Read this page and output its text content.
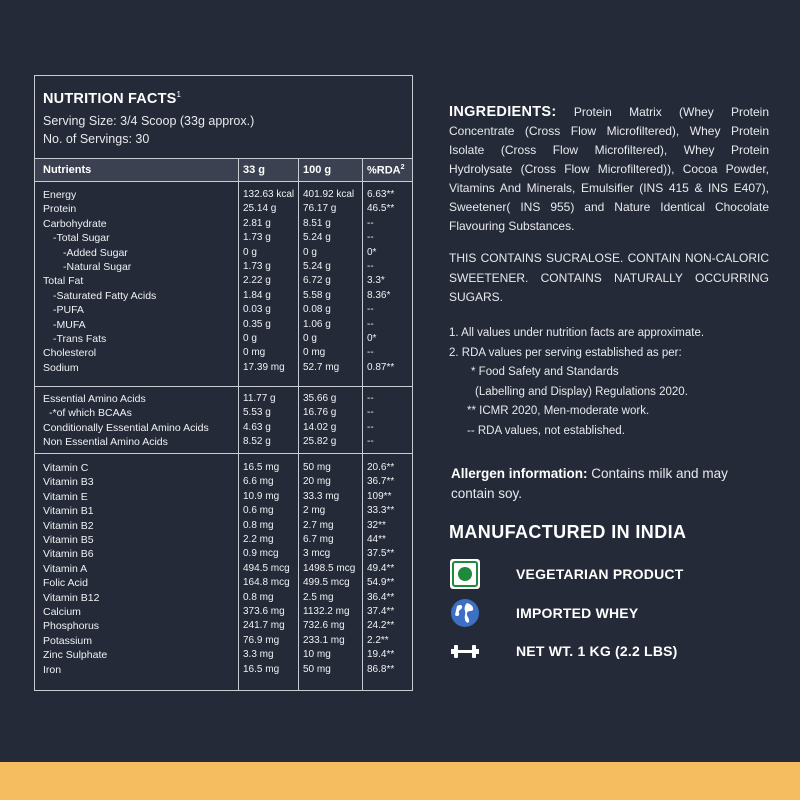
NUTRITION FACTS$^1$
Serving Size: 3/4 Scoop (33g approx.)
No. of Servings: 30
Nutrients	33 g	100 g	%RDA$^2$
Energy	132.63 kcal 401.92 kcal 6.63**
Protein	25.14 g	76.17 g	46.5**
Carbohydrate	2.81 g	8.51 g	--
-Total Sugar	1.73 g	5.24 g	--
-Added Sugar	0 g	0 g	0*
-Natural Sugar	1.73 g	5.24 g	--
Total Fat	2.22 g	6.72 g	3.3*
-Saturated Fatty Acids	1.84 g	5.58 g	8.36*
-PUFA	0.03 g	0.08 g	--
-MUFA	0.35 g	1.06 g	--
-Trans Fats	0 g	0 g	0*
Cholesterol	0 mg	0 mg	--
Sodium	17.39 mg 52.7 mg	0.87**
Essential Amino Acids	11.77 g	35.66 g	--
-*of which BCAAs	5.53 g	16.76 g	--
Conditionally Essential Amino Acids	4.63 g	14.02 g	--
Non Essential Amino Acids	8.52 g	25.82 g	--
Vitamin C	16.5 mg 50 mg	20.6**
Vitamin B3	6.6 mg	20 mg	36.7**
Vitamin E	10.9 mg 33.3 mg	109**
Vitamin B1	0.6 mg	2 mg	33.3**
Vitamin B2	0.8 mg	2.7 mg	32**
Vitamin B5	2.2 mg	6.7 mg	44**
Vitamin B6	0.9 mcg 3 mcg	37.5**
Vitamin A	494.5 mcg 1498.5 mcg 49.4**
Folic Acid	164.8 mcg 499.5 mcg 54.9**
Vitamin B12	0.8 mg	2.5 mg	36.4**
Calcium	373.6 mg 1132.2 mg 37.4**
Phosphorus	241.7 mg 732.6 mg 24.2**
Potassium	76.9 mg 233.1 mg 2.2**
Zinc Sulphate	3.3 mg	10 mg	19.4**
Iron	16.5 mg 50 mg	86.8**
INGREDIENTS: Protein Matrix (Whey Protein Concentrate (Cross Flow Microfiltered), Whey Protein Isolate (Cross Flow Microfiltered), Whey Protein Hydrolysate (Cross Flow Microfiltered)), Cocoa Powder, Vitamins And Minerals, Emulsifier (INS 415 & INS E407), Sweetener( INS 955) and Nature Identical Chocolate Flavouring Substances.
THIS CONTAINS SUCRALOSE. CONTAIN NON-CALORIC SWEETENER. CONTAINS NATURALLY OCCURRING SUGARS.
1. All values under nutrition facts are approximate.
2. RDA values per serving established as per:
* Food Safety and Standards
(Labelling and Display) Regulations 2020.
** ICMR 2020, Men-moderate work.
-- RDA values, not established.
Allergen information: Contains milk and may contain soy.
MANUFACTURED IN INDIA
VEGETARIAN PRODUCT
IMPORTED WHEY
NET WT. 1 KG (2.2 LBS)
